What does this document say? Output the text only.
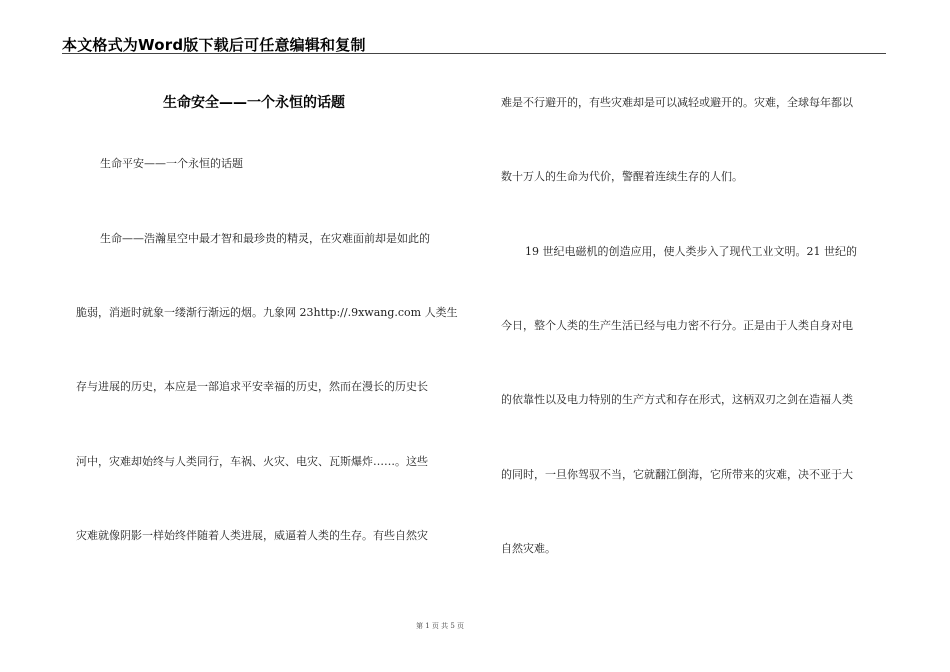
本文格式为Word版下载后可任意编辑和复制
生命安全——一个永恒的话题
生命平安——一个永恒的话题
生命——浩瀚星空中最才智和最珍贵的精灵，在灾难面前却是如此的
脆弱，消逝时就象一缕渐行渐远的烟。九象网 23http://.9xwang.com 人类生
存与进展的历史，本应是一部追求平安幸福的历史，然而在漫长的历史长
河中，灾难却始终与人类同行，车祸、火灾、电灾、瓦斯爆炸……。这些
灾难就像阴影一样始终伴随着人类进展，威逼着人类的生存。有些自然灾
难是不行避开的，有些灾难却是可以减轻或避开的。灾难，全球每年都以
数十万人的生命为代价，警醒着连续生存的人们。
19 世纪电磁机的创造应用，使人类步入了现代工业文明。21 世纪的
今日，整个人类的生产生活已经与电力密不行分。正是由于人类自身对电
的依靠性以及电力特别的生产方式和存在形式，这柄双刃之剑在造福人类
的同时，一旦你驾驭不当，它就翻江倒海，它所带来的灾难，决不亚于大
自然灾难。
第 1 页 共 5 页
